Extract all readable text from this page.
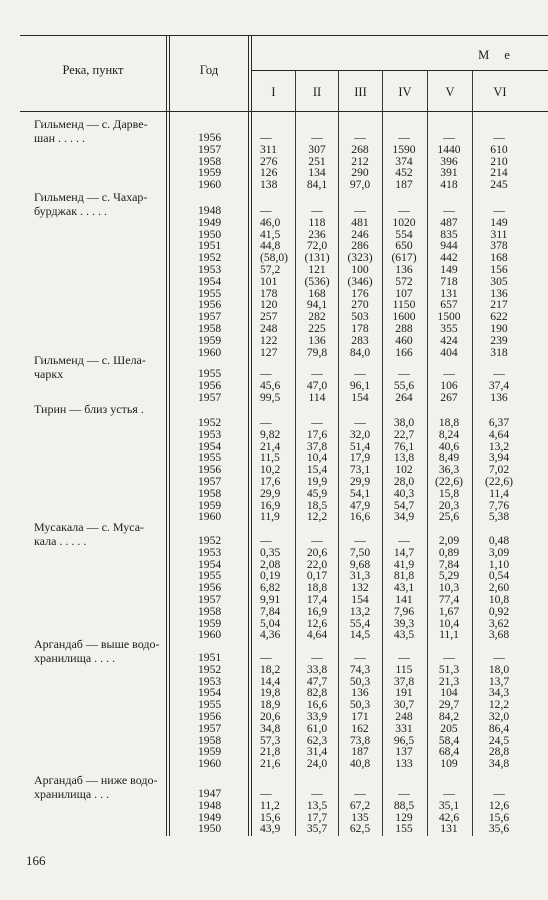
Река, пункт	Год
М е
I	II	III	IV	V	VI
Гильменд — с. Дарве-
шан . . . . .	1956	—	—	—	—	—	—
1957	311	307	268	1590	1440	610
1958	276	251	212	374	396	210
1959	126	134	290	452	391	214
1960	138	84,1	97,0	187	418	245
Гильменд — с. Чахар-
бурджак . . . . .	1948	—	—	—	—	—	—
1949	46,0	118	481	1020	487	149
1950	41,5	236	246	554	835	311
1951	44,8	72,0	286	650	944	378
1952	(58,0)	(131)	(323)	(617)	442	168
1953	57,2	121	100	136	149	156
1954	101	(536)	(346)	572	718	305
1955	178	168	176	107	131	136
1956	120	94,1	270	1150	657	217
1957	257	282	503	1600	1500	622
1958	248	225	178	288	355	190
1959	122	136	283	460	424	239
1960	127	79,8	84,0	166	404	318
Гильменд — с. Шела-
чаркх	1955	—	—	—	—	—	—
1956	45,6	47,0	96,1	55,6	106	37,4
1957	99,5	114	154	264	267	136
Тирин — близ устья .
1952	—	—	—	38,0	18,8	6,37
1953	9,82	17,6	32,0	22,7	8,24	4,64
1954	21,4	37,8	51,4	76,1	40,6	13,2
1955	11,5	10,4	17,9	13,8	8,49	3,94
1956	10,2	15,4	73,1	102	36,3	7,02
1957	17,6	19,9	29,9	28,0	(22,6)	(22,6)
1958	29,9	45,9	54,1	40,3	15,8	11,4
1959	16,9	18,5	47,9	54,7	20,3	7,76
1960	11,9	12,2	16,6	34,9	25,6	5,38
Мусакала — с. Муса-
кала . . . . .	1952	—	—	—	—	2,09	0,48
1953	0,35	20,6	7,50	14,7	0,89	3,09
1954	2,08	22,0	9,68	41,9	7,84	1,10
1955	0,19	0,17	31,3	81,8	5,29	0,54
1956	6,82	18,8	132	43,1	10,3	2,60
1957	9,91	17,4	154	141	77,4	10,8
1958	7,84	16,9	13,2	7,96	1,67	0,92
1959	5,04	12,6	55,4	39,3	10,4	3,62
1960	4,36	4,64	14,5	43,5	11,1	3,68
Аргандаб — выше водо-
хранилища . . . .	1951	—	—	—	—	—	—
1952	18,2	33,8	74,3	115	51,3	18,0
1953	14,4	47,7	50,3	37,8	21,3	13,7
1954	19,8	82,8	136	191	104	34,3
1955	18,9	16,6	50,3	30,7	29,7	12,2
1956	20,6	33,9	171	248	84,2	32,0
1957	34,8	61,0	162	331	205	86,4
1958	57,3	62,3	73,8	96,5	58,4	24,5
1959	21,8	31,4	187	137	68,4	28,8
1960	21,6	24,0	40,8	133	109	34,8
Аргандаб — ниже водо-
хранилища . . .	1947	—	—	—	—	—	—
1948	11,2	13,5	67,2	88,5	35,1	12,6
1949	15,6	17,7	135	129	42,6	15,6
1950	43,9	35,7	62,5	155	131	35,6
166
